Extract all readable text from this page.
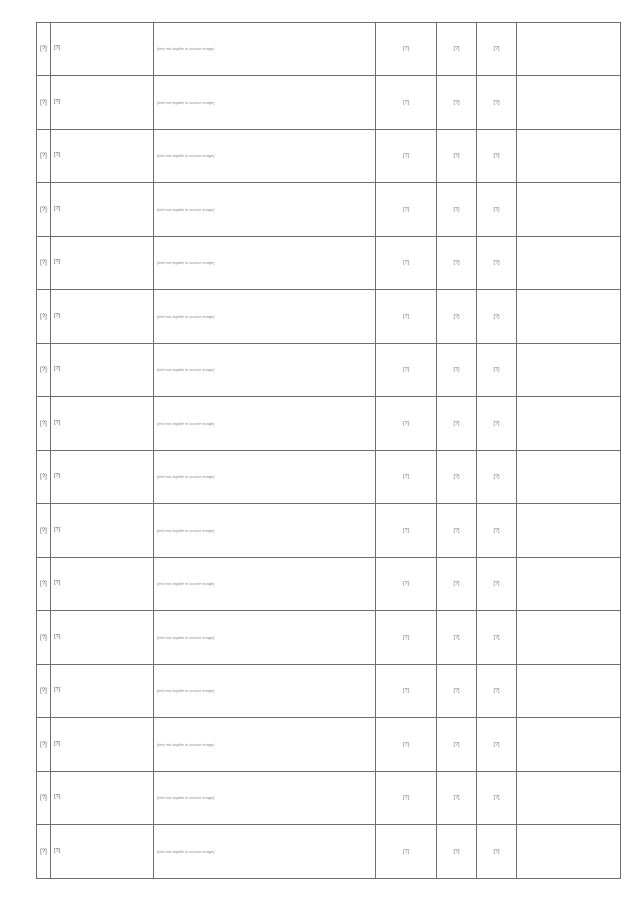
[?]	[?]	[text not legible in source image]	[?]	[?]	[?]	
[?]	[?]	[text not legible in source image]	[?]	[?]	[?]	
[?]	[?]	[text not legible in source image]	[?]	[?]	[?]	
[?]	[?]	[text not legible in source image]	[?]	[?]	[?]	
[?]	[?]	[text not legible in source image]	[?]	[?]	[?]	
[?]	[?]	[text not legible in source image]	[?]	[?]	[?]	
[?]	[?]	[text not legible in source image]	[?]	[?]	[?]	
[?]	[?]	[text not legible in source image]	[?]	[?]	[?]	
[?]	[?]	[text not legible in source image]	[?]	[?]	[?]	
[?]	[?]	[text not legible in source image]	[?]	[?]	[?]	
[?]	[?]	[text not legible in source image]	[?]	[?]	[?]	
[?]	[?]	[text not legible in source image]	[?]	[?]	[?]	
[?]	[?]	[text not legible in source image]	[?]	[?]	[?]	
[?]	[?]	[text not legible in source image]	[?]	[?]	[?]	
[?]	[?]	[text not legible in source image]	[?]	[?]	[?]	
[?]	[?]	[text not legible in source image]	[?]	[?]	[?]	
